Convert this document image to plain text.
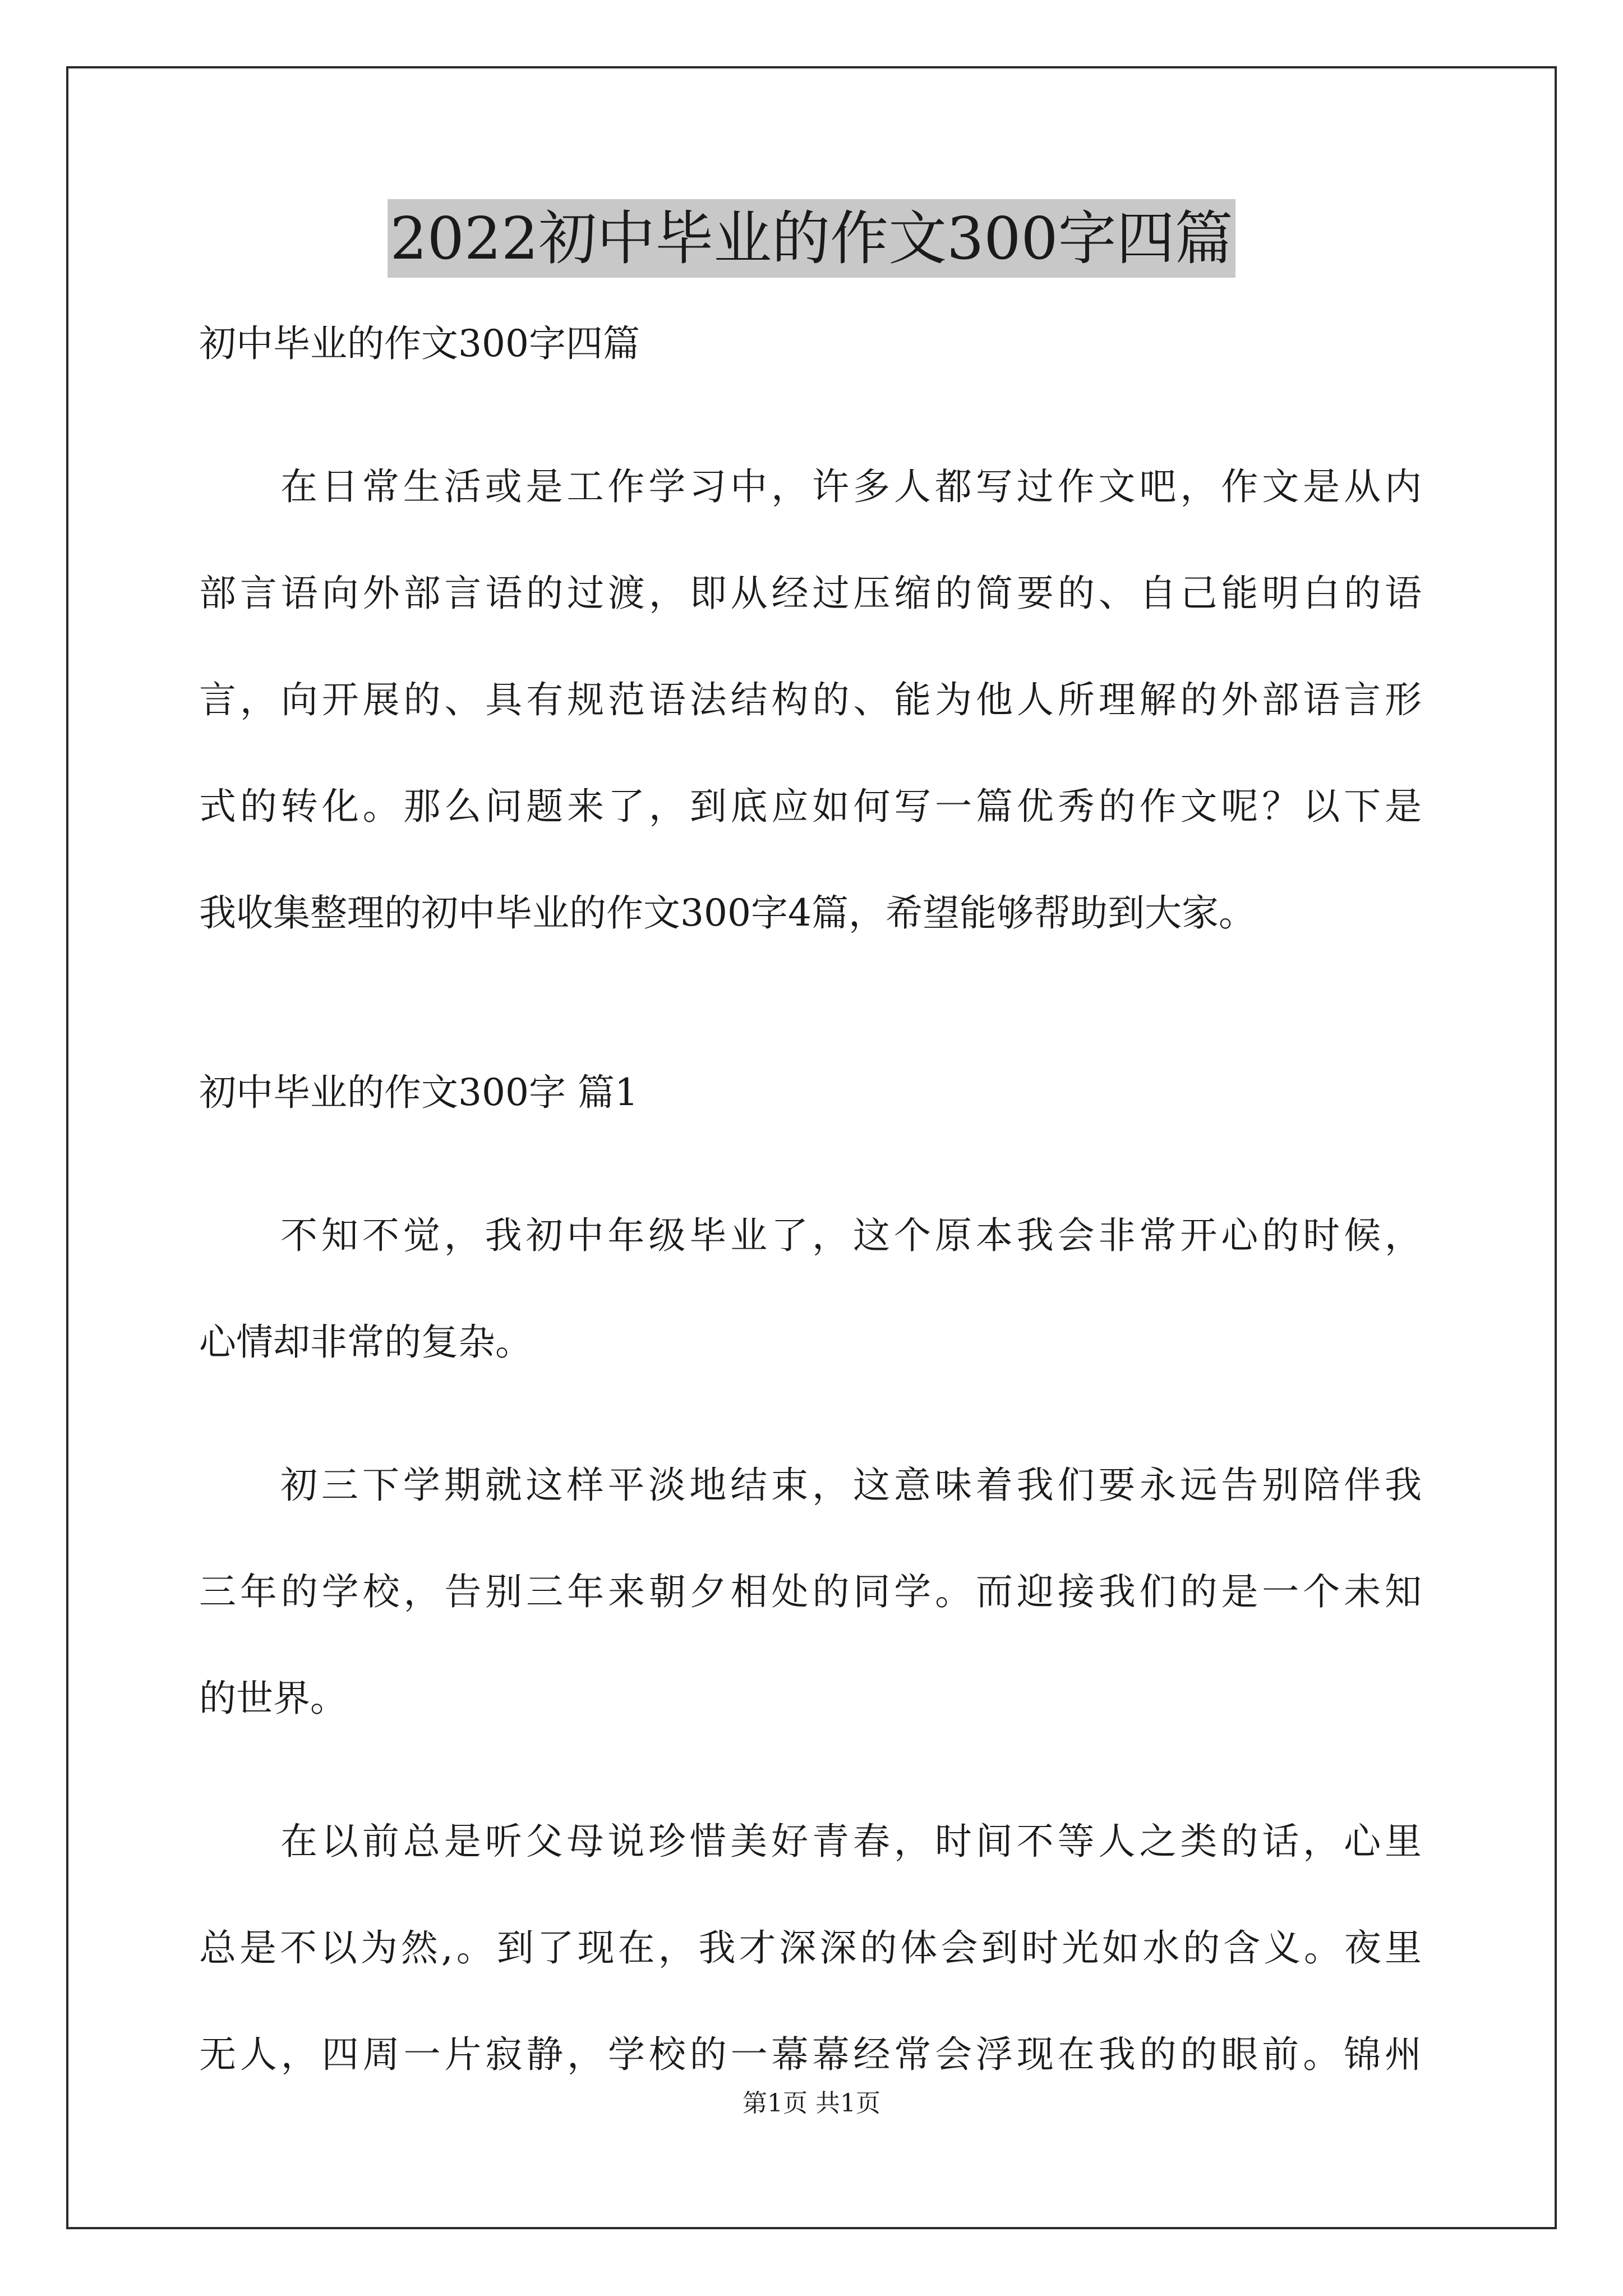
2022初中毕业的作文300字四篇
初中毕业的作文300字四篇
在日常生活或是工作学习中，许多人都写过作文吧，作文是从内
部言语向外部言语的过渡，即从经过压缩的简要的、自己能明白的语
言，向开展的、具有规范语法结构的、能为他人所理解的外部语言形
式的转化。那么问题来了，到底应如何写一篇优秀的作文呢？以下是
我收集整理的初中毕业的作文300字4篇，希望能够帮助到大家。
初中毕业的作文300字 篇1
不知不觉，我初中年级毕业了，这个原本我会非常开心的时候，
心情却非常的复杂。
初三下学期就这样平淡地结束，这意味着我们要永远告别陪伴我
三年的学校，告别三年来朝夕相处的同学。而迎接我们的是一个未知
的世界。
在以前总是听父母说珍惜美好青春，时间不等人之类的话，心里
总是不以为然,。到了现在，我才深深的体会到时光如水的含义。夜里
无人，四周一片寂静，学校的一幕幕经常会浮现在我的的眼前。锦州
第1页 共1页
